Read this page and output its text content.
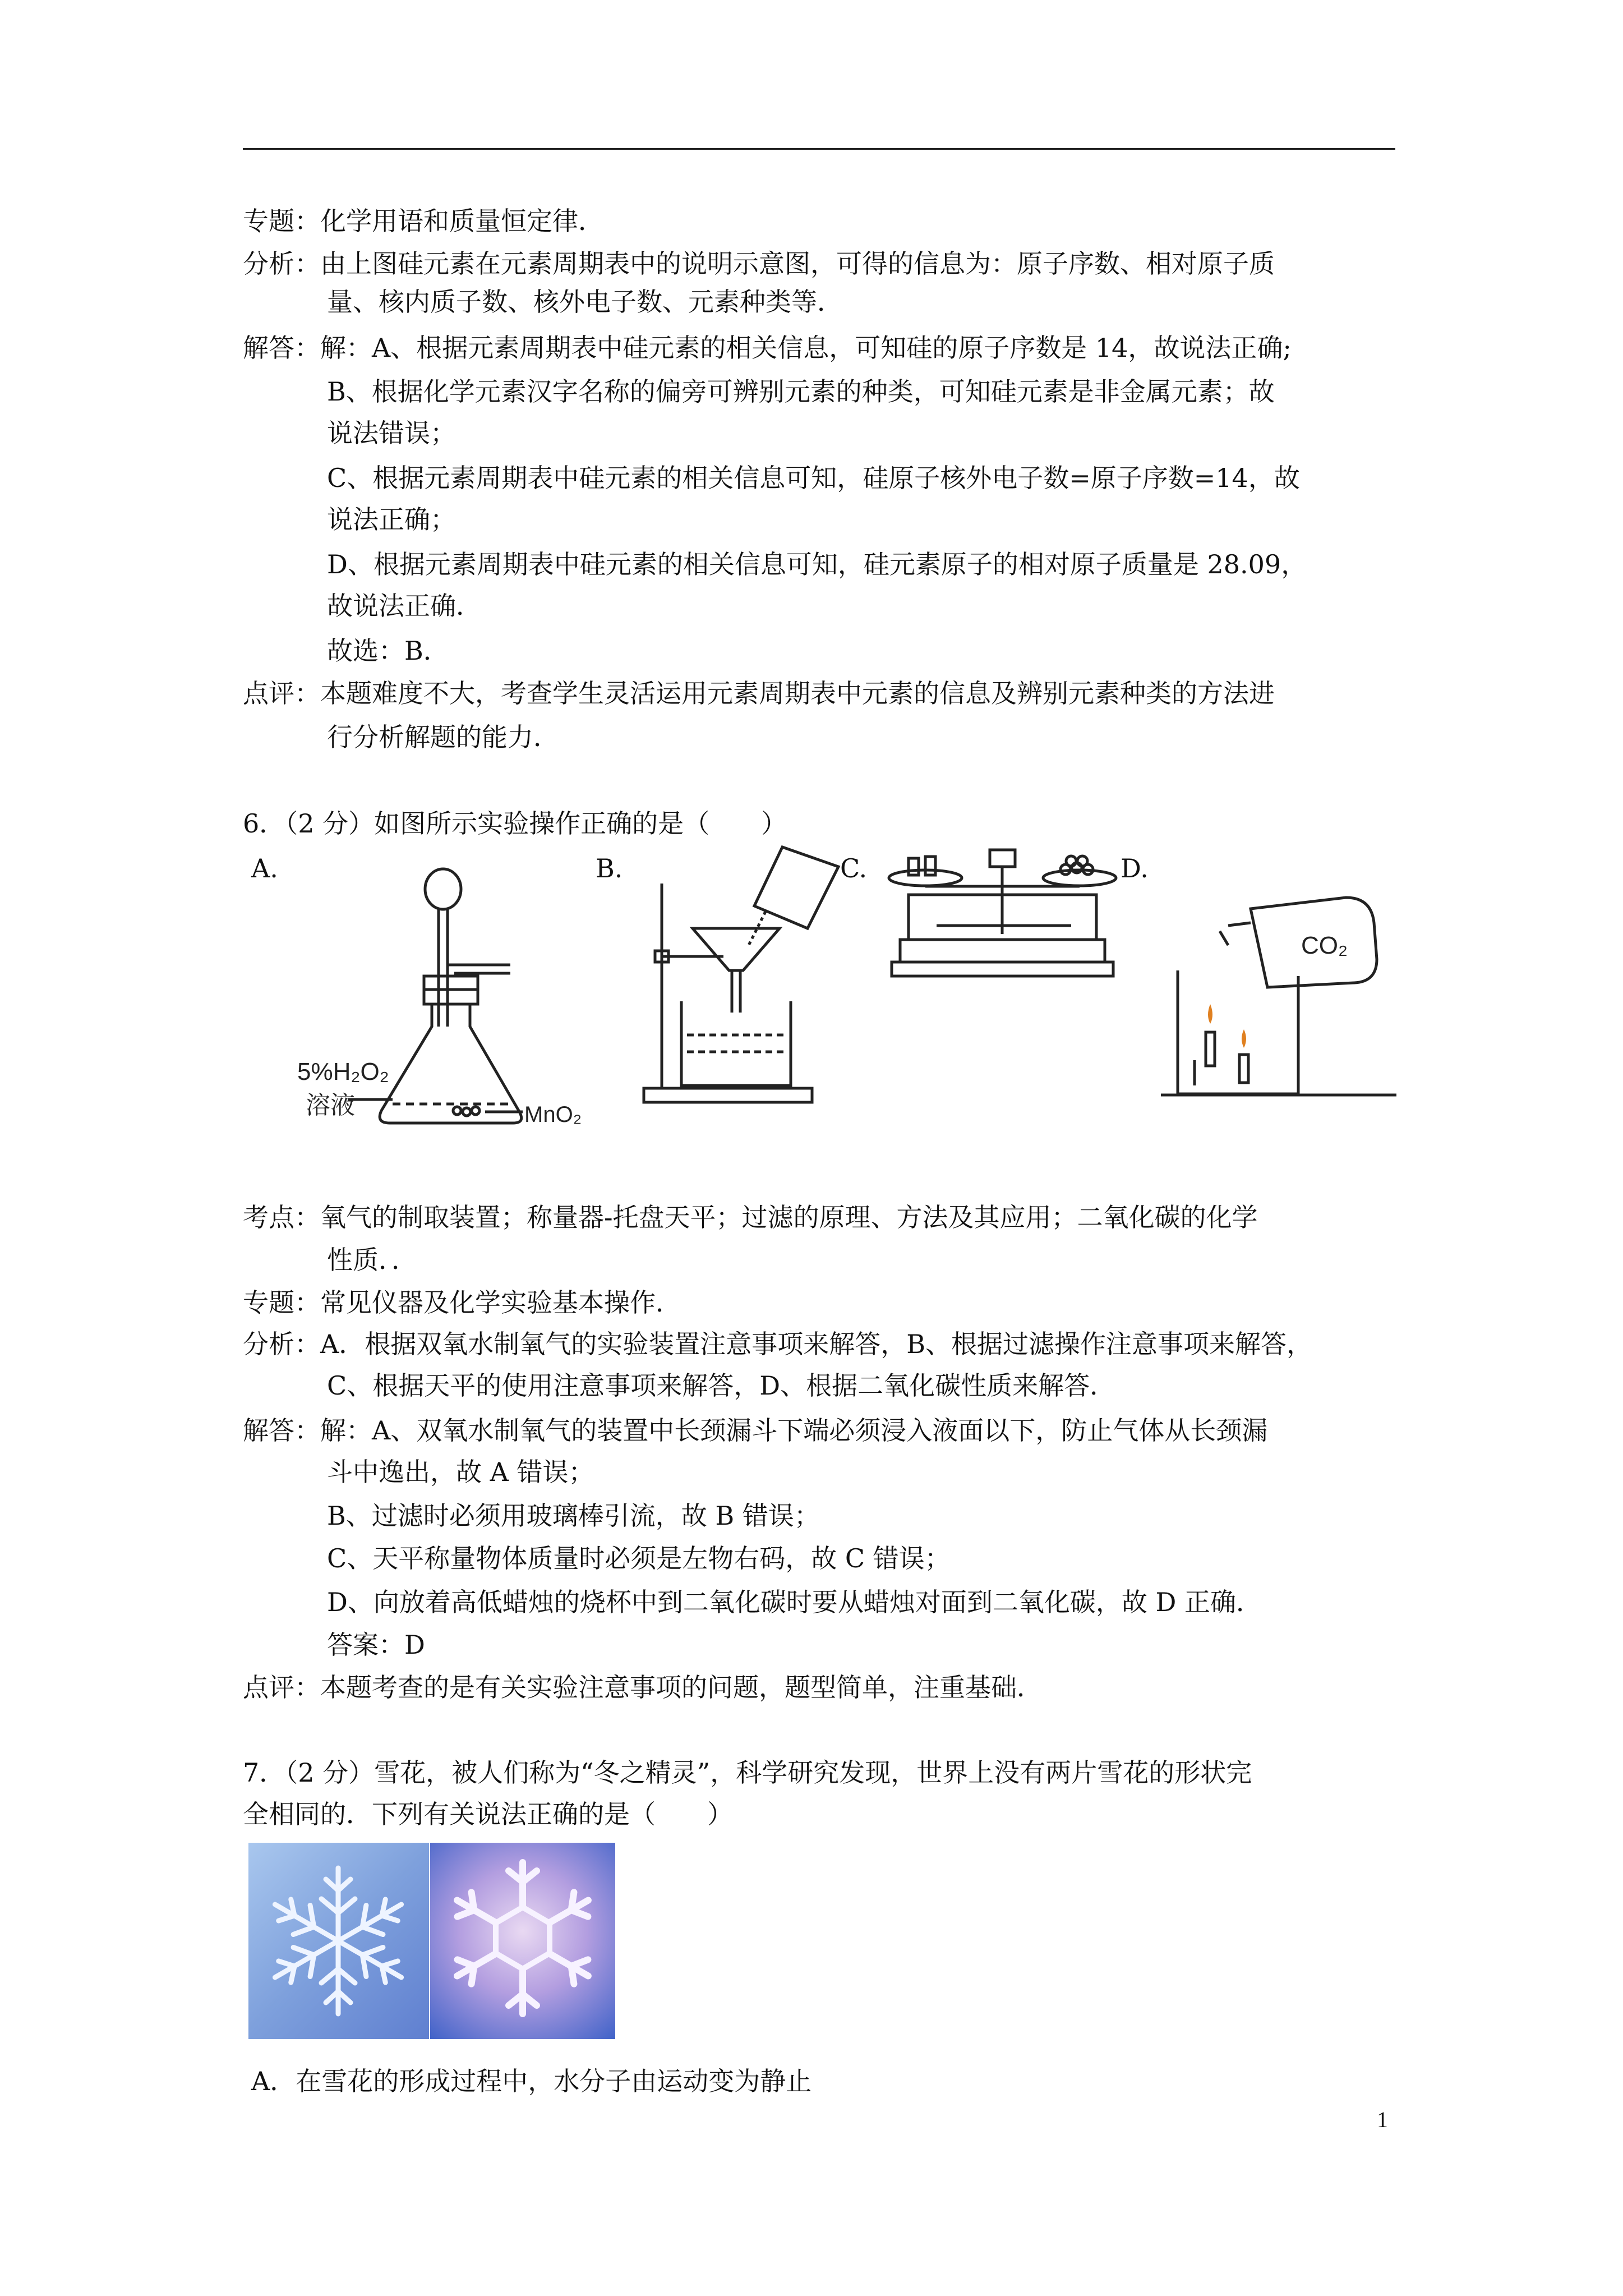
专题：化学用语和质量恒定律．
分析：由上图硅元素在元素周期表中的说明示意图，可得的信息为：原子序数、相对原子质
量、核内质子数、核外电子数、元素种类等．
解答：解：A、根据元素周期表中硅元素的相关信息，可知硅的原子序数是 14，故说法正确;
B、根据化学元素汉字名称的偏旁可辨别元素的种类，可知硅元素是非金属元素；故
说法错误；
C、根据元素周期表中硅元素的相关信息可知，硅原子核外电子数=原子序数=14，故
说法正确；
D、根据元素周期表中硅元素的相关信息可知，硅元素原子的相对原子质量是 28.09，
故说法正确．
故选：B．
点评：本题难度不大，考查学生灵活运用元素周期表中元素的信息及辨别元素种类的方法进
行分析解题的能力．
6．（2 分）如图所示实验操作正确的是（　　）
A.	B.	C.	D.
5%H₂O₂
溶液	MnO₂
CO₂
考点：氧气的制取装置；称量器-托盘天平；过滤的原理、方法及其应用；二氧化碳的化学
性质．．
专题：常见仪器及化学实验基本操作．
分析：A．根据双氧水制氧气的实验装置注意事项来解答，B、根据过滤操作注意事项来解答，
C、根据天平的使用注意事项来解答，D、根据二氧化碳性质来解答．
解答：解：A、双氧水制氧气的装置中长颈漏斗下端必须浸入液面以下，防止气体从长颈漏
斗中逸出，故 A 错误；
B、过滤时必须用玻璃棒引流，故 B 错误；
C、天平称量物体质量时必须是左物右码，故 C 错误；
D、向放着高低蜡烛的烧杯中到二氧化碳时要从蜡烛对面到二氧化碳，故 D 正确．
答案：D
点评：本题考查的是有关实验注意事项的问题，题型简单，注重基础．
7．（2 分）雪花，被人们称为“冬之精灵”，科学研究发现，世界上没有两片雪花的形状完
全相同的．下列有关说法正确的是（　　）
A．在雪花的形成过程中，水分子由运动变为静止
1
